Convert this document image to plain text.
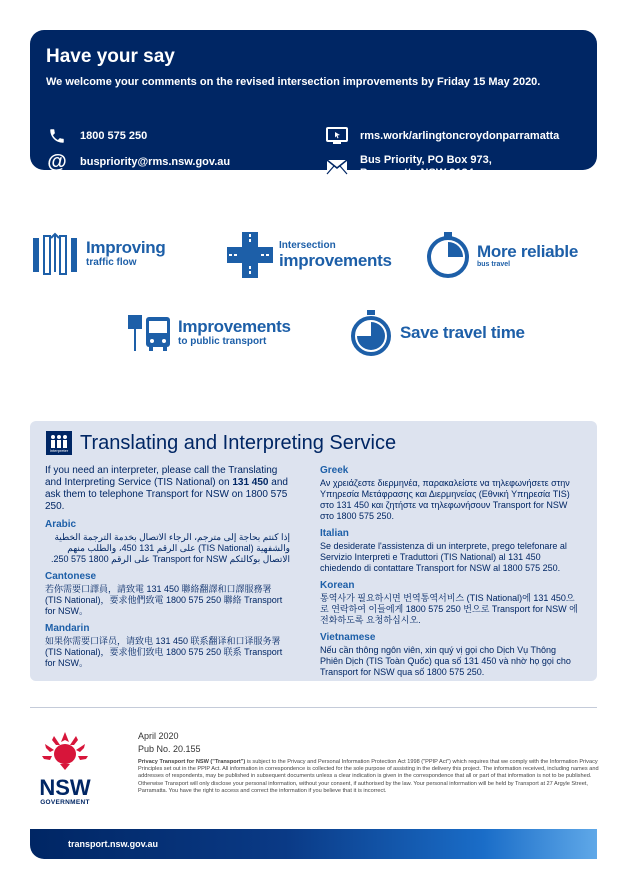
Have your say
We welcome your comments on the revised intersection improvements by Friday 15 May 2020.
1800 575 250
@ buspriority@rms.nsw.gov.au
rms.work/arlingtoncroydonparramatta
Bus Priority, PO Box 973,
Parramatta NSW 2124
Improving
traffic flow
Intersection
improvements	More reliable
bus travel
Improvements
to public transport	Save travel time
Interpreter Translating and Interpreting Service
If you need an interpreter, please call the Translating and Interpreting Service (TIS National) on 131 450 and ask them to telephone Transport for NSW on 1800 575 250.
Arabic
إذا كنتم بحاجة إلى مترجم، الرجاء الاتصال بخدمة الترجمة الخطية والشفهية (TIS National) على الرقم 131 450، والطلب منهم الاتصال بوكالتكم Transport for NSW على الرقم 1800 575 250.
Cantonese
若你需要口譯員，請致電 131 450 聯絡翻譯和口譯服務署 (TIS National)，要求他們致電 1800 575 250 聯絡 Transport for NSW。
Mandarin
如果你需要口译员，请致电 131 450 联系翻译和口译服务署 (TIS National)，要求他们致电 1800 575 250 联系 Transport for NSW。
Greek
Αν χρειάζεστε διερμηνέα, παρακαλείστε να τηλεφωνήσετε στην Υπηρεσία Μετάφρασης και Διερμηνείας (Εθνική Υπηρεσία TIS) στο 131 450 και ζητήστε να τηλεφωνήσουν Transport for NSW στο 1800 575 250.
Italian
Se desiderate l'assistenza di un interprete, prego telefonare al Servizio Interpreti e Traduttori (TIS National) al 131 450 chiedendo di contattare Transport for NSW al 1800 575 250.
Korean
통역사가 필요하시면 번역통역서비스 (TIS National)에 131 450으로 연락하여 이들에게 1800 575 250 번으로 Transport for NSW 에 전화하도록 요청하십시오.
Vietnamese
Nếu cần thông ngôn viên, xin quý vị gọi cho Dịch Vụ Thông Phiên Dịch (TIS Toàn Quốc) qua số 131 450 và nhờ họ gọi cho Transport for NSW qua số 1800 575 250.
NSW
GOVERNMENT
April 2020
Pub No. 20.155
Privacy Transport for NSW ("Transport") is subject to the Privacy and Personal Information Protection Act 1998 ("PPIP Act") which requires that we comply with the Information Privacy Principles set out in the PPIP Act. All information in correspondence is collected for the sole purpose of assisting in the delivery this project. The information received, including names and addresses of respondents, may be published in subsequent documents unless a clear indication is given in the correspondence that all or part of that information is not to be published. Otherwise Transport will only disclose your personal information, without your consent, if authorised by the law. Your personal information will be held by Transport at 27 Argyle Street, Parramatta. You have the right to access and correct the information if you believe that it is incorrect.
transport.nsw.gov.au
